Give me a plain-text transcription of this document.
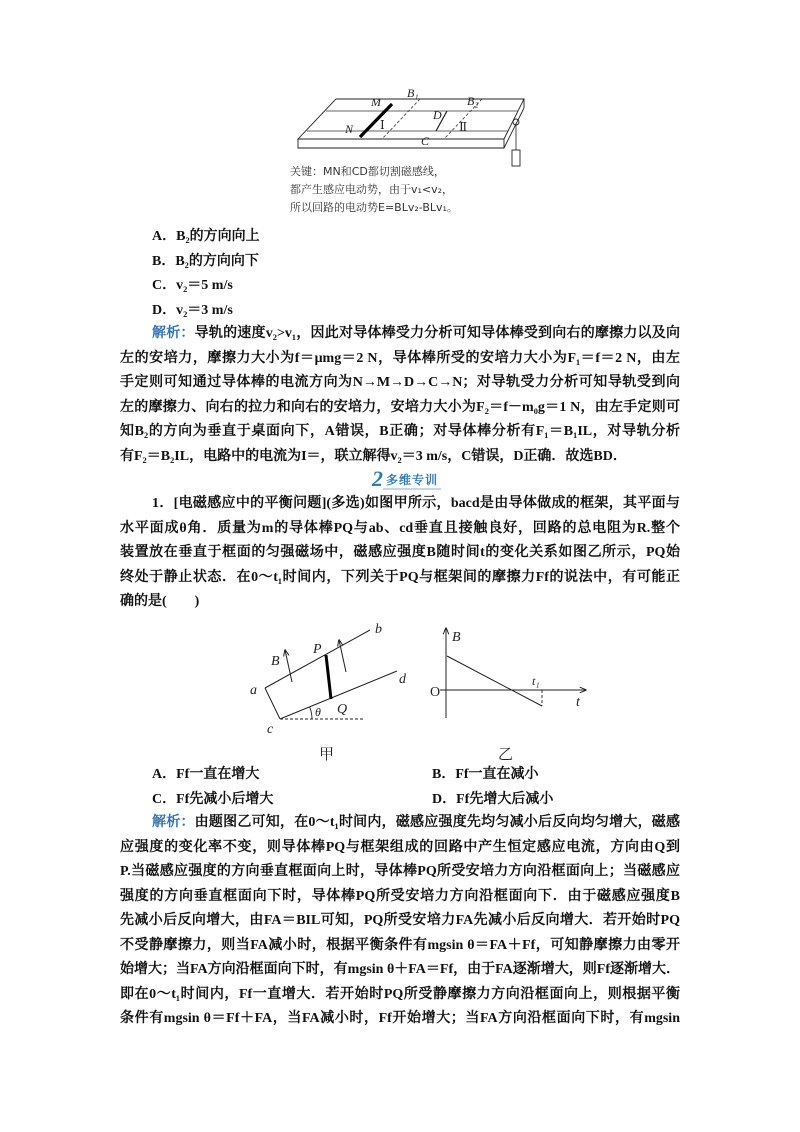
M
N
B₁
B₂
D
C
Ⅰ	Ⅱ
关键：MN和CD都切割磁感线，
都产生感应电动势，由于v₁<v₂，
所以回路的电动势E=BLv₂-BLv₁。
A．B₂的方向向上
B．B₂的方向向下
C．v₂＝5 m/s
D．v₂＝3 m/s
解析：导轨的速度v₂>v₁，因此对导体棒受力分析可知导体棒受到向右的摩擦力以及向
左的安培力，摩擦力大小为f＝μmg＝2 N，导体棒所受的安培力大小为F₁＝f＝2 N，由左
手定则可知通过导体棒的电流方向为N→M→D→C→N；对导轨受力分析可知导轨受到向
左的摩擦力、向右的拉力和向右的安培力，安培力大小为F₂＝f－m₀g＝1 N，由左手定则可
知B₂的方向为垂直于桌面向下，A错误，B正确；对导体棒分析有F₁＝B₁IL，对导轨分析
有F₂＝B₂IL，电路中的电流为I＝，联立解得v₂＝3 m/s，C错误，D正确．故选BD．
2 多维专训
1．[电磁感应中的平衡问题](多选)如图甲所示，bacd是由导体做成的框架，其平面与
水平面成θ角．质量为m的导体棒PQ与ab、cd垂直且接触良好，回路的总电阻为R.整个
装置放在垂直于框面的匀强磁场中，磁感应强度B随时间t的变化关系如图乙所示，PQ始
终处于静止状态．在0～t₁时间内，下列关于PQ与框架间的摩擦力Ff的说法中，有可能正
确的是(　　)
B
a
b
c
d
P
Q
θ
甲
B
O
t
t₁
乙
A．Ff一直在增大	B．Ff一直在减小
C．Ff先减小后增大	D．Ff先增大后减小
解析：由题图乙可知，在0～t₁时间内，磁感应强度先均匀减小后反向均匀增大，磁感
应强度的变化率不变，则导体棒PQ与框架组成的回路中产生恒定感应电流，方向由Q到
P.当磁感应强度的方向垂直框面向上时，导体棒PQ所受安培力方向沿框面向上；当磁感应
强度的方向垂直框面向下时，导体棒PQ所受安培力方向沿框面向下．由于磁感应强度B
先减小后反向增大，由FA＝BIL可知，PQ所受安培力FA先减小后反向增大．若开始时PQ
不受静摩擦力，则当FA减小时，根据平衡条件有mgsin θ＝FA＋Ff，可知静摩擦力由零开
始增大；当FA方向沿框面向下时，有mgsin θ＋FA＝Ff，由于FA逐渐增大，则Ff逐渐增大．
即在0～t₁时间内，Ff一直增大．若开始时PQ所受静摩擦力方向沿框面向上，则根据平衡
条件有mgsin θ＝Ff＋FA，当FA减小时，Ff开始增大；当FA方向沿框面向下时，有mgsin
